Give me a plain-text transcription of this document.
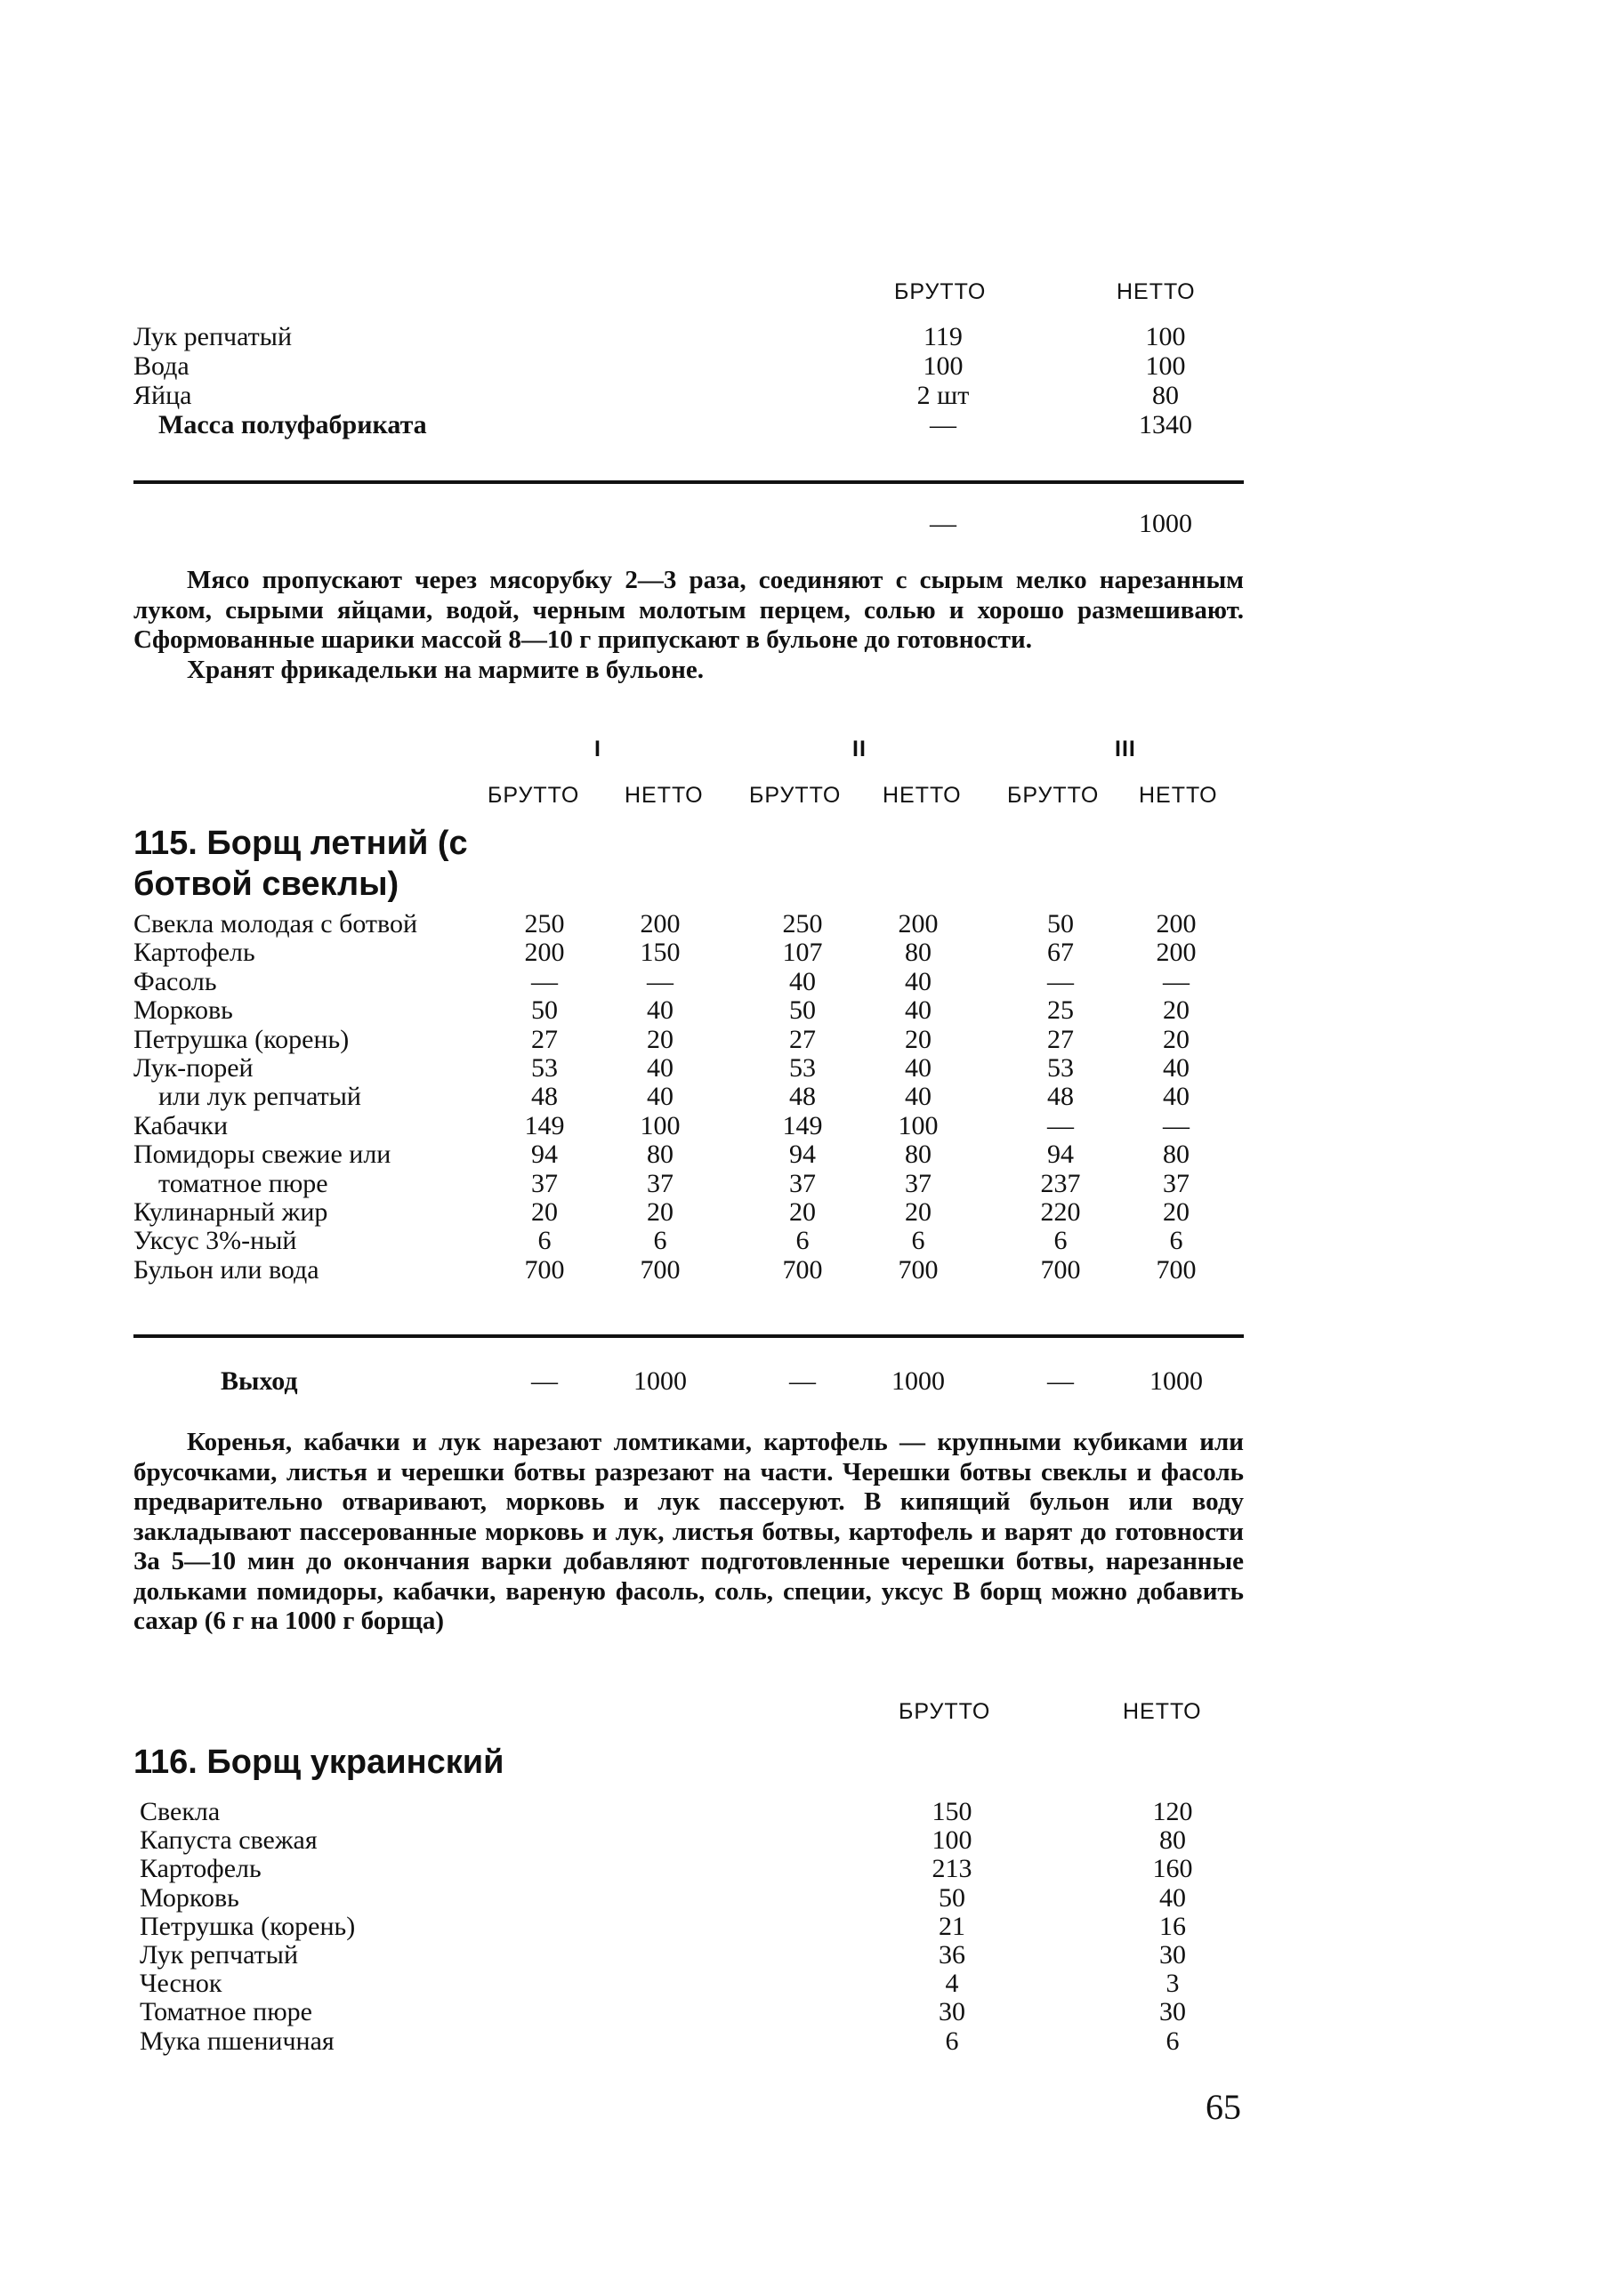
БРУТТО	НЕТТО
Лук репчатый	119	100
Вода	100	100
Яйца	2 шт	80
Масса полуфабриката	—	1340
—	1000

Мясо пропускают через мясорубку 2—3 раза, соединяют с сырым мелко нарезанным луком, сырыми яйцами, водой, черным молотым перцем, солью и хорошо размешивают. Сформованные шарики массой 8—10 г припускают в бульоне до готовности.

Хранят фрикадельки на мармите в бульоне.

I	II	III
БРУТТО НЕТТО БРУТТО НЕТТО БРУТТО НЕТТО
115. Борщ летний (с
ботвой свеклы)
Свекла молодая с ботвой	250	200	250	200	50	200
Картофель	200	150	107	80	67	200
Фасоль	—	—	40	40	—	—
Морковь	50	40	50	40	25	20
Петрушка (корень)	27	20	27	20	27	20
Лук-порей	53	40	53	40	53	40
или лук репчатый	48	40	48	40	48	40
Кабачки	149	100	149	100	—	—
Помидоры свежие или	94	80	94	80	94	80
томатное пюре	37	37	37	37	237	37
Кулинарный жир	20	20	20	20	220	20
Уксус 3%-ный	6	6	6	6	6	6
Бульон или вода	700	700	700	700	700	700
Выход	—	1000	—	1000	—	1000

Коренья, кабачки и лук нарезают ломтиками, картофель — крупными кубиками или брусочками, листья и черешки ботвы разрезают на части. Черешки ботвы свеклы и фасоль предварительно отваривают, морковь и лук пассеруют. В кипящий бульон или воду закладывают пассерованные морковь и лук, листья ботвы, картофель и варят до готовности За 5—10 мин до окончания варки добавляют подготовленные черешки ботвы, нарезанные дольками помидоры, кабачки, вареную фасоль, соль, специи, уксус В борщ можно добавить сахар (6 г на 1000 г борща)

БРУТТО	НЕТТО
116. Борщ украинский
Свекла	150	120
Капуста свежая	100	80
Картофель	213	160
Морковь	50	40
Петрушка (корень)	21	16
Лук репчатый	36	30
Чеснок	4	3
Томатное пюре	30	30
Мука пшеничная	6	6
65
